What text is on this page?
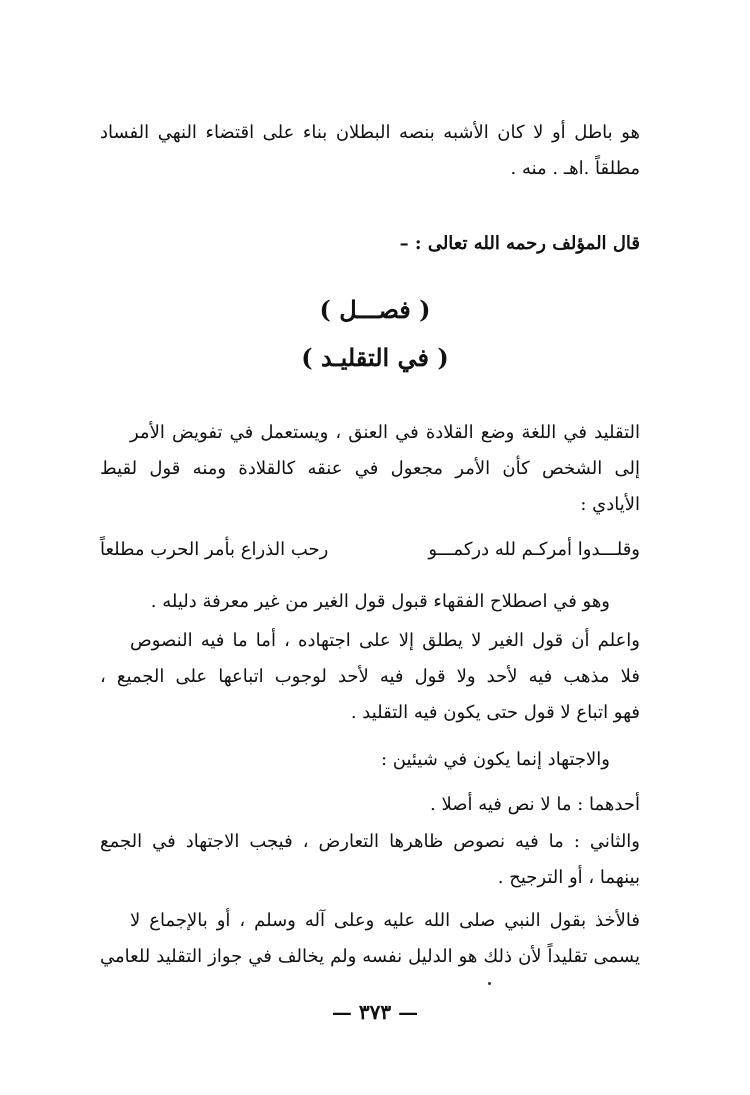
هو باطل أو لا كان الأشبه بنصه البطلان بناء على اقتضاء النهي الفساد
مطلقاً .اهـ . منه .
قال المؤلف رحمه الله تعالى : –
( فصـــل )
( في التقليـد )
التقليد في اللغة وضع القلادة في العنق ، ويستعمل في تفويض الأمر
إلى الشخص كأن الأمر مجعول في عنقه كالقلادة ومنه قول لقيط
الأيادي :
وقلـــدوا أمركـم لله دركمـــو
رحب الذراع بأمر الحرب مطلعاً
وهو في اصطلاح الفقهاء قبول قول الغير من غير معرفة دليله .
واعلم أن قول الغير لا يطلق إلا على اجتهاده ، أما ما فيه النصوص
فلا مذهب فيه لأحد ولا قول فيه لأحد لوجوب اتباعها على الجميع ،
فهو اتباع لا قول حتى يكون فيه التقليد .
والاجتهاد إنما يكون في شيئين :
أحدهما : ما لا نص فيه أصلا .
والثاني : ما فيه نصوص ظاهرها التعارض ، فيجب الاجتهاد في الجمع
بينهما ، أو الترجيح .
فالأخذ بقول النبي صلى الله عليه وعلى آله وسلم ، أو بالإجماع لا
يسمى تقليداً لأن ذلك هو الدليل نفسه ولم يخالف في جواز التقليد للعامي
— ٣٧٣ —
